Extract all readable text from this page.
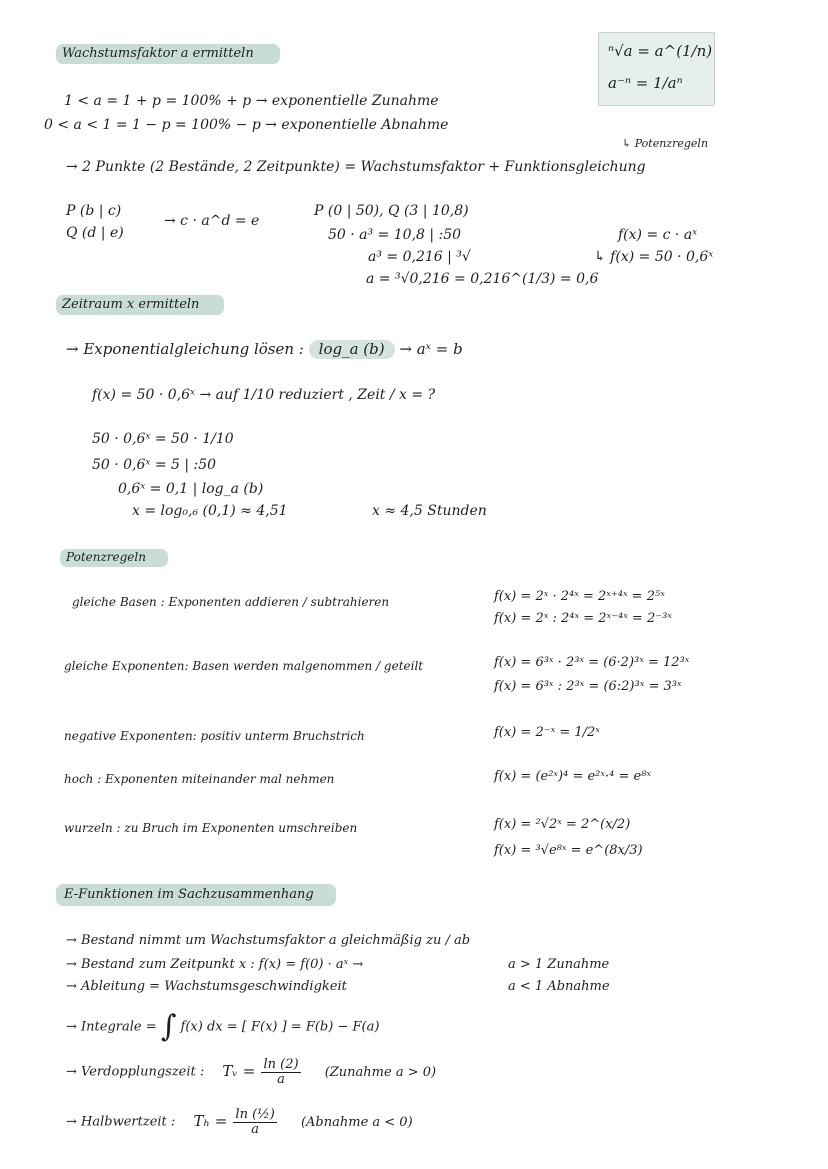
Wachstumsfaktor a ermitteln	ⁿ√a = a^(1/n)
a⁻ⁿ = 1/aⁿ
↳ Potenzregeln
1 < a = 1 + p = 100% + p → exponentielle Zunahme
0 < a < 1 = 1 − p = 100% − p → exponentielle Abnahme
→ 2 Punkte (2 Bestände, 2 Zeitpunkte) = Wachstumsfaktor + Funktionsgleichung
P (b | c)
Q (d | e)
→ c · a^d = e
P (0 | 50), Q (3 | 10,8)
50 · a³ = 10,8 | :50
a³ = 0,216 | ³√
a = ³√0,216 = 0,216^(1/3) = 0,6
f(x) = c · aˣ
↳ f(x) = 50 · 0,6ˣ
Zeitraum x ermitteln
→ Exponentialgleichung lösen : log_a (b) → aˣ = b
f(x) = 50 · 0,6ˣ → auf 1/10 reduziert , Zeit / x = ?
50 · 0,6ˣ = 50 · 1/10
50 · 0,6ˣ = 5 | :50
0,6ˣ = 0,1 | log_a (b)
x = log₀,₆ (0,1) ≈ 4,51	x ≈ 4,5 Stunden
Potenzregeln
gleiche Basen : Exponenten addieren / subtrahieren	f(x) = 2ˣ · 2⁴ˣ = 2ˣ⁺⁴ˣ = 2⁵ˣ
f(x) = 2ˣ : 2⁴ˣ = 2ˣ⁻⁴ˣ = 2⁻³ˣ
gleiche Exponenten: Basen werden malgenommen / geteilt	f(x) = 6³ˣ · 2³ˣ = (6·2)³ˣ = 12³ˣ
f(x) = 6³ˣ : 2³ˣ = (6:2)³ˣ = 3³ˣ
negative Exponenten: positiv unterm Bruchstrich	f(x) = 2⁻ˣ = 1/2ˣ
hoch : Exponenten miteinander mal nehmen	f(x) = (e²ˣ)⁴ = e²ˣ·⁴ = e⁸ˣ
wurzeln : zu Bruch im Exponenten umschreiben	f(x) = ²√2ˣ = 2^(x/2)
f(x) = ³√e⁸ˣ = e^(8x/3)
E-Funktionen im Sachzusammenhang
→ Bestand nimmt um Wachstumsfaktor a gleichmäßig zu / ab
→ Bestand zum Zeitpunkt x : f(x) = f(0) · aˣ →	a > 1 Zunahme
→ Ableitung = Wachstumsgeschwindigkeit	a < 1 Abnahme
→ Integrale = ∫ f(x) dx = [ F(x) ] = F(b) − F(a)
→ Verdopplungszeit : Tᵥ = $\frac{\ln (2)}{a}$ (Zunahme a > 0)
→ Halbwertzeit : $T_h = \frac{\text{ln (½)}}{a}$ (Abnahme a < 0)
